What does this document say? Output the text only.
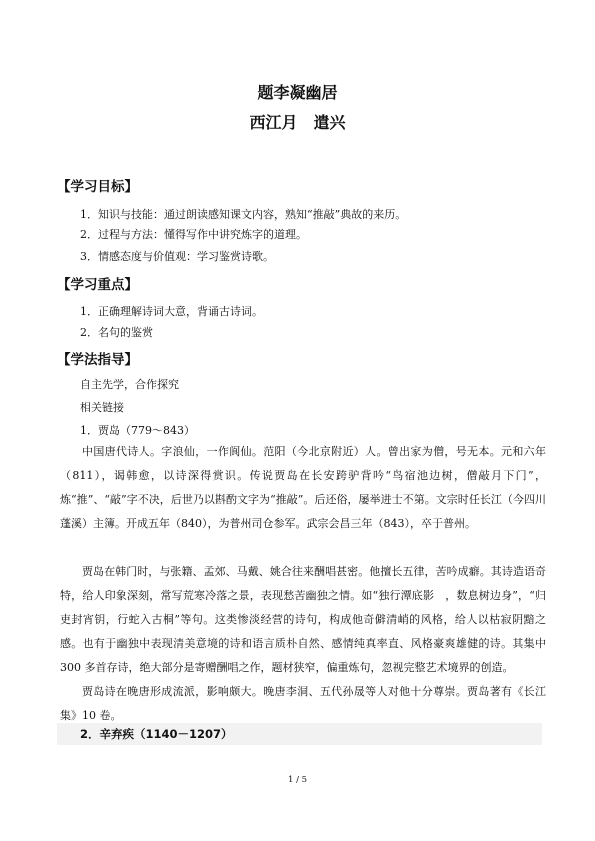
题李凝幽居
西江月　遣兴
【学习目标】
1．知识与技能：通过朗读感知课文内容，熟知“推敲”典故的来历。
2．过程与方法：懂得写作中讲究炼字的道理。
3．情感态度与价值观：学习鉴赏诗歌。
【学习重点】
1．正确理解诗词大意，背诵古诗词。
2．名句的鉴赏
【学法指导】
自主先学，合作探究
相关链接
1．贾岛（779～843）
中国唐代诗人。字浪仙，一作阆仙。范阳（今北京附近）人。曾出家为僧，号无本。元和六年（811），谒韩愈，以诗深得赏识。传说贾岛在长安跨驴背吟“鸟宿池边树，僧敲月下门”，炼“推”、“敲”字不决，后世乃以斟酌文字为“推敲”。后还俗，屡举进士不第。文宗时任长江（今四川蓬溪）主簿。开成五年（840），为普州司仓参军。武宗会昌三年（843），卒于普州。
贾岛在韩门时，与张籍、孟郊、马戴、姚合往来酬唱甚密。他擅长五律，苦吟成癖。其诗造语奇特，给人印象深刻，常写荒寒冷落之景，表现愁苦幽独之情。如“独行潭底影　，数息树边身”，“归吏封宵钥，行蛇入古桐”等句。这类惨淡经营的诗句，构成他奇僻清峭的风格，给人以枯寂阴黯之感。也有于幽独中表现清美意境的诗和语言质朴自然、感情纯真率直、风格豪爽雄健的诗。其集中 300 多首存诗，绝大部分是寄赠酬唱之作，题材狭窄，偏重炼句，忽视完整艺术境界的创造。
贾岛诗在晚唐形成流派，影响颇大。晚唐李洞、五代孙晟等人对他十分尊崇。贾岛著有《长江集》10 卷。
2．辛弃疾（1140－1207）
1 / 5
